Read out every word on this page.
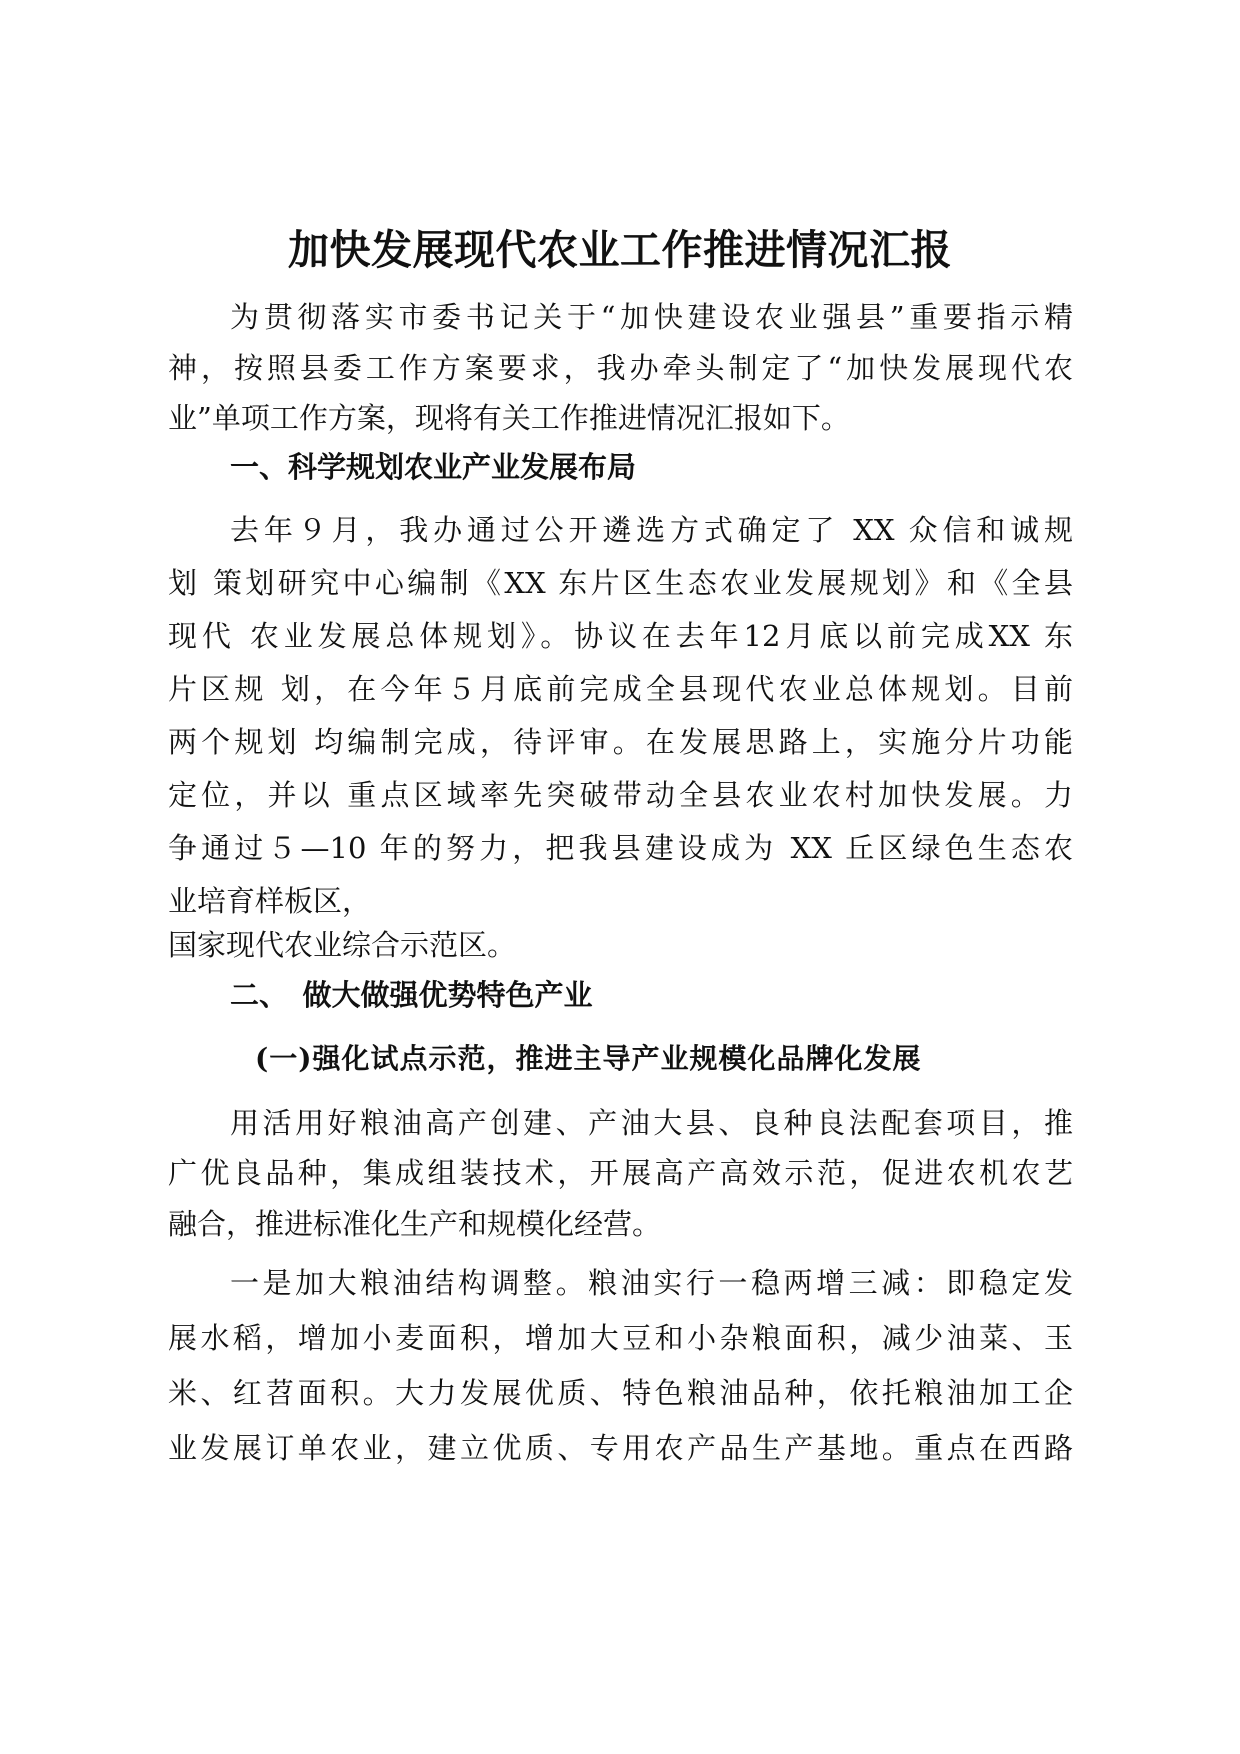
加快发展现代农业工作推进情况汇报
为贯彻落实市委书记关于“加快建设农业强县”重要指示精
神，按照县委工作方案要求，我办牵头制定了“加快发展现代农
业”单项工作方案，现将有关工作推进情况汇报如下。
一、科学规划农业产业发展布局
去年９月，我办通过公开遴选方式确定了 XX 众信和诚规
划 策划研究中心编制《XX 东片区生态农业发展规划》和《全县
现代 农业发展总体规划》。协议在去年12月底以前完成XX 东
片区规 划，在今年５月底前完成全县现代农业总体规划。目前
两个规划 均编制完成，待评审。在发展思路上，实施分片功能
定位，并以 重点区域率先突破带动全县农业农村加快发展。力
争通过５—10 年的努力，把我县建设成为 XX 丘区绿色生态农
业培育样板区，
国家现代农业综合示范区。
二、　做大做强优势特色产业
(一)强化试点示范，推进主导产业规模化品牌化发展
用活用好粮油高产创建、产油大县、良种良法配套项目，推
广优良品种，集成组装技术，开展高产高效示范，促进农机农艺
融合，推进标准化生产和规模化经营。
一是加大粮油结构调整。粮油实行一稳两增三减：即稳定发
展水稻，增加小麦面积，增加大豆和小杂粮面积，减少油菜、玉
米、红苕面积。大力发展优质、特色粮油品种，依托粮油加工企
业发展订单农业，建立优质、专用农产品生产基地。重点在西路
